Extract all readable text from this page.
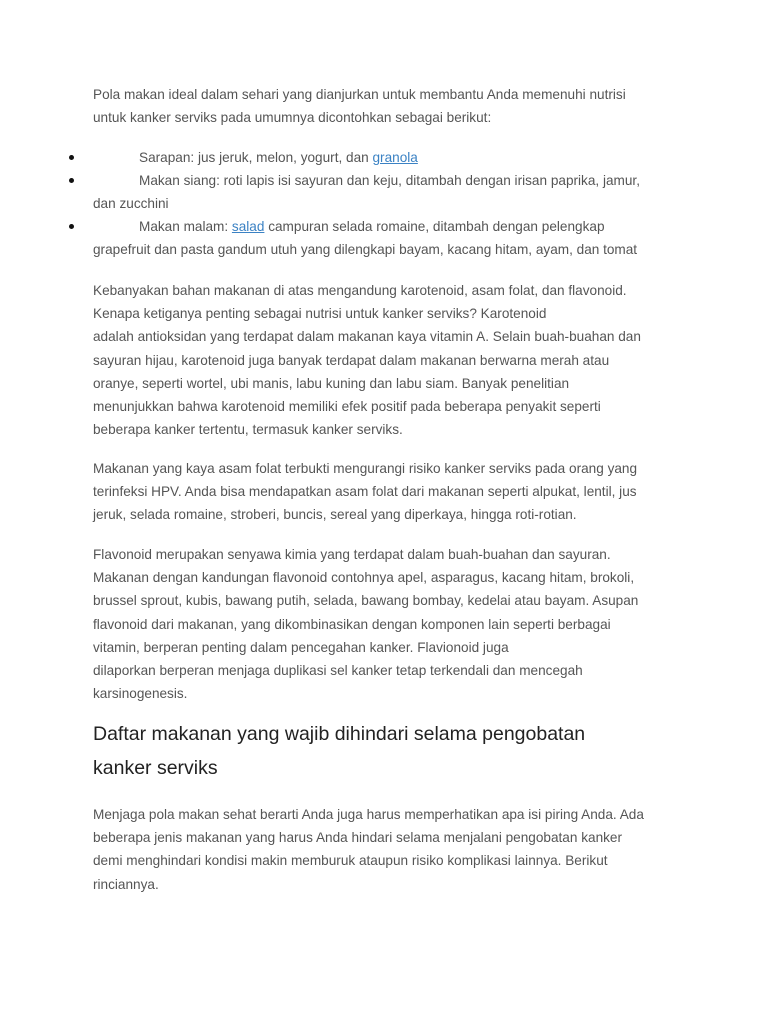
Pola makan ideal dalam sehari yang dianjurkan untuk membantu Anda memenuhi nutrisi
untuk kanker serviks pada umumnya dicontohkan sebagai berikut:

Sarapan: jus jeruk, melon, yogurt, dan granola
Makan siang: roti lapis isi sayuran dan keju, ditambah dengan irisan paprika, jamur,
dan zucchini
Makan malam: salad campuran selada romaine, ditambah dengan pelengkap
grapefruit dan pasta gandum utuh yang dilengkapi bayam, kacang hitam, ayam, dan tomat

Kebanyakan bahan makanan di atas mengandung karotenoid, asam folat, dan flavonoid.
Kenapa ketiganya penting sebagai nutrisi untuk kanker serviks? Karotenoid
adalah antioksidan yang terdapat dalam makanan kaya vitamin A. Selain buah-buahan dan
sayuran hijau, karotenoid juga banyak terdapat dalam makanan berwarna merah atau
oranye, seperti wortel, ubi manis, labu kuning dan labu siam. Banyak penelitian
menunjukkan bahwa karotenoid memiliki efek positif pada beberapa penyakit seperti
beberapa kanker tertentu, termasuk kanker serviks.

Makanan yang kaya asam folat terbukti mengurangi risiko kanker serviks pada orang yang
terinfeksi HPV. Anda bisa mendapatkan asam folat dari makanan seperti alpukat, lentil, jus
jeruk, selada romaine, stroberi, buncis, sereal yang diperkaya, hingga roti-rotian.

Flavonoid merupakan senyawa kimia yang terdapat dalam buah-buahan dan sayuran.
Makanan dengan kandungan flavonoid contohnya apel, asparagus, kacang hitam, brokoli,
brussel sprout, kubis, bawang putih, selada, bawang bombay, kedelai atau bayam. Asupan
flavonoid dari makanan, yang dikombinasikan dengan komponen lain seperti berbagai
vitamin, berperan penting dalam pencegahan kanker. Flavionoid juga
dilaporkan berperan menjaga duplikasi sel kanker tetap terkendali dan mencegah
karsinogenesis.

Daftar makanan yang wajib dihindari selama pengobatan
kanker serviks

Menjaga pola makan sehat berarti Anda juga harus memperhatikan apa isi piring Anda. Ada
beberapa jenis makanan yang harus Anda hindari selama menjalani pengobatan kanker
demi menghindari kondisi makin memburuk ataupun risiko komplikasi lainnya. Berikut
rinciannya.
